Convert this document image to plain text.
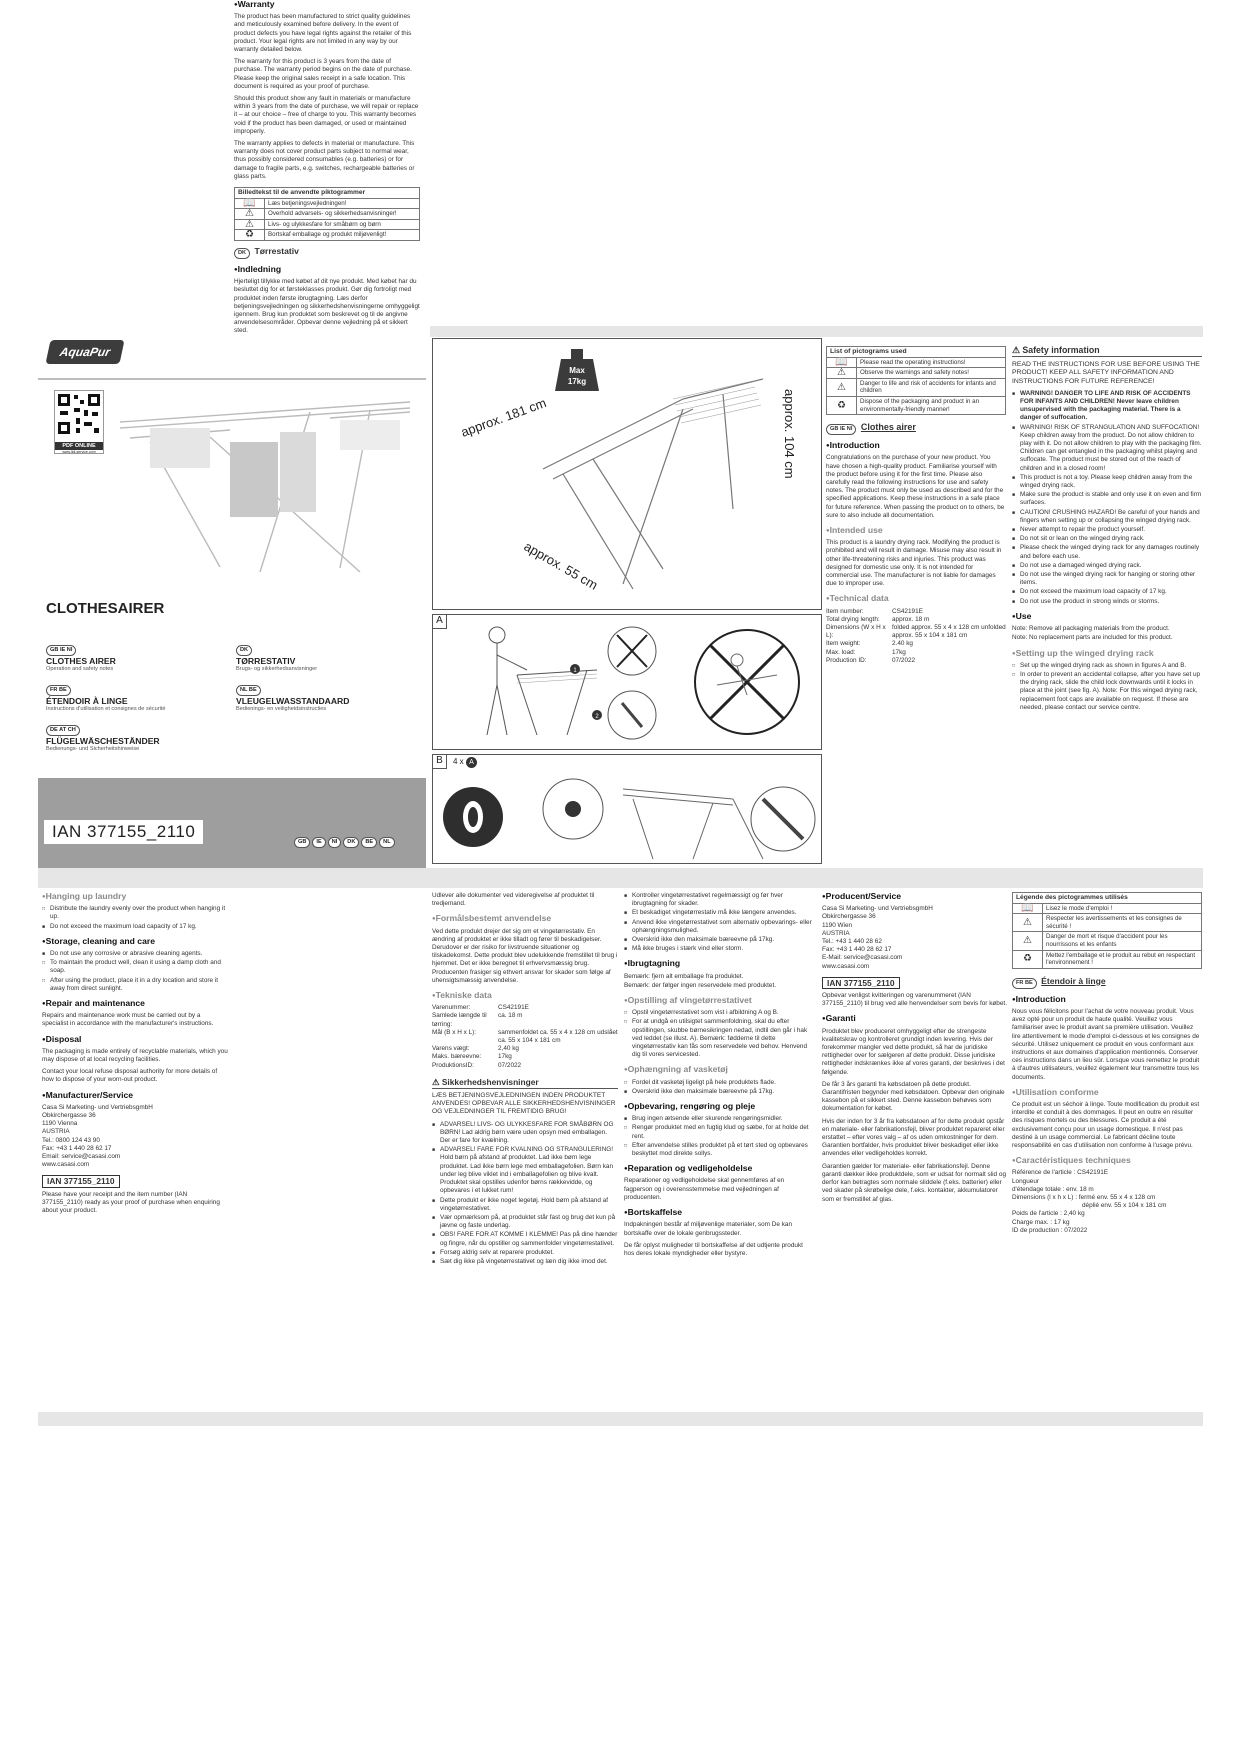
AquaPur
PDF ONLINE
www.lidl-service.com
CLOTHESAIRER
GB IE NI
CLOTHES AIRER
Operation and safety notes
DK
TØRRESTATIV
Brugs- og sikkerhedsanvisninger
FR BE
ÉTENDOIR À LINGE
Instructions d'utilisation et consignes de sécurité
NL BE
VLEUGELWASSTANDAARD
Bedienings- en veiligheidsinstructies
DE AT CH
FLÜGELWÄSCHESTÄNDER
Bedienungs- und Sicherheitshinweise
IAN 377155_2110
GB IE NI DK BE NL
Max
17kg
approx. 181 cm	approx. 104 cm
approx. 55 cm
A
1
2
B	4 x A
List of pictograms used	
📖	Please read the operating instructions!
⚠	Observe the warnings and safety notes!
⚠	Danger to life and risk of accidents for infants and children
♻	Dispose of the packaging and product in an environmentally-friendly manner!
GB IE NI Clothes airer
● Introduction

Congratulations on the purchase of your new product. You have chosen a high-quality product. Familiarise yourself with the product before using it for the first time. Please also carefully read the following instructions for use and safety notes. The product must only be used as described and for the specified applications. Keep these instructions in a safe place for future reference. When passing the product on to others, be sure to also include all documentation.

● Intended use

This product is a laundry drying rack. Modifying the product is prohibited and will result in damage. Misuse may also result in other life-threatening risks and injuries. This product was designed for domestic use only. It is not intended for commercial use. The manufacturer is not liable for damages due to improper use.

● Technical data
Item number:	CS42191E
Total drying length:	approx. 18 m
Dimensions (W x H x L):
folded approx. 55 x 4 x 128 cm unfolded approx. 55 x 104 x 181 cm
Item weight:	2.40 kg
Max. load:	17kg
Production ID:	07/2022
⚠ Safety information

READ THE INSTRUCTIONS FOR USE BEFORE USING THE PRODUCT! KEEP ALL SAFETY INFORMATION AND INSTRUCTIONS FOR FUTURE REFERENCE!

■ WARNING! DANGER TO LIFE AND RISK OF ACCIDENTS FOR INFANTS AND CHILDREN! Never leave children unsupervised with the packaging material. There is a danger of suffocation.
■ WARNING! RISK OF STRANGULATION AND SUFFOCATION! Keep children away from the product. Do not allow children to play with it. Do not allow children to play with the packaging film. Children can get entangled in the packaging whilst playing and suffocate. The product must be stored out of the reach of children and in a closed room!
■ This product is not a toy. Please keep children away from the winged drying rack.
■ Make sure the product is stable and only use it on even and firm surfaces.
■ CAUTION! CRUSHING HAZARD! Be careful of your hands and fingers when setting up or collapsing the winged drying rack.
■ Never attempt to repair the product yourself.
■ Do not sit or lean on the winged drying rack.
■ Please check the winged drying rack for any damages routinely and before each use.
■ Do not use a damaged winged drying rack.
■ Do not use the winged drying rack for hanging or storing other items.
■ Do not exceed the maximum load capacity of 17 kg.
■ Do not use the product in strong winds or storms.
● Use

Note: Remove all packaging materials from the product.

Note: No replacement parts are included for this product.

● Setting up the winged drying rack
□ Set up the winged drying rack as shown in figures A and B.
□ In order to prevent an accidental collapse, after you have set up the drying rack, slide the child lock downwards until it locks in place at the joint (see fig. A). Note: For this winged drying rack, replacement foot caps are available on request. If these are needed, please contact our service centre.
● Hanging up laundry
□ Distribute the laundry evenly over the product when hanging it up.
■ Do not exceed the maximum load capacity of 17 kg.
● Storage, cleaning and care
■ Do not use any corrosive or abrasive cleaning agents.
□ To maintain the product well, clean it using a damp cloth and soap.
□ After using the product, place it in a dry location and store it away from direct sunlight.
● Repair and maintenance

Repairs and maintenance work must be carried out by a specialist in accordance with the manufacturer's instructions.

● Disposal

The packaging is made entirely of recyclable materials, which you may dispose of at local recycling facilities.

Contact your local refuse disposal authority for more details of how to dispose of your worn-out product.

● Manufacturer/Service
Casa Si Marketing- und VertriebsgmbH
Obkirchergasse 36
1190 Vienna
AUSTRIA
Tel.: 0800 124 43 90
Fax: +43 1 440 28 62 17
Email: service@casasi.com
www.casasi.com
IAN 377155_2110

Please have your receipt and the item number (IAN 377155_2110) ready as your proof of purchase when enquiring about your product.

● Warranty

The product has been manufactured to strict quality guidelines and meticulously examined before delivery. In the event of product defects you have legal rights against the retailer of this product. Your legal rights are not limited in any way by our warranty detailed below.

The warranty for this product is 3 years from the date of purchase. The warranty period begins on the date of purchase. Please keep the original sales receipt in a safe location. This document is required as your proof of purchase.

Should this product show any fault in materials or manufacture within 3 years from the date of purchase, we will repair or replace it – at our choice – free of charge to you. This warranty becomes void if the product has been damaged, or used or maintained improperly.

The warranty applies to defects in material or manufacture. This warranty does not cover product parts subject to normal wear, thus possibly considered consumables (e.g. batteries) or for damage to fragile parts, e.g. switches, rechargeable batteries or glass parts.

Billedtekst til de anvendte piktogrammer	
📖	Læs betjeningsvejledningen!
⚠	Overhold advarsels- og sikkerhedsanvisninger!
⚠	Livs- og ulykkesfare for småbørn og børn
♻	Bortskaf emballage og produkt miljøvenligt!
DK Tørrestativ
● Indledning

Hjerteligt tillykke med købet af dit nye produkt. Med købet har du besluttet dig for et førsteklasses produkt. Gør dig fortroligt med produktet inden første ibrugtagning. Læs derfor betjeningsvejledningen og sikkerhedshenvisningerne omhyggeligt igennem. Brug kun produktet som beskrevet og til de angivne anvendelsesområder. Opbevar denne vejledning på et sikkert sted.

Udlever alle dokumenter ved videregivelse af produktet til tredjemand.

● Formålsbestemt anvendelse

Ved dette produkt drejer det sig om et vingetørrestativ. En ændring af produktet er ikke tilladt og fører til beskadigelser. Derudover er der risiko for livstruende situationer og tilskadekomst. Dette produkt blev udelukkende fremstillet til brug i hjemmet. Det er ikke beregnet til erhvervsmæssig brug. Producenten frasiger sig ethvert ansvar for skader som følge af uhensigtsmæssig anvendelse.

● Tekniske data
Varenummer:	CS42191E
Samlede længde til tørring:
ca. 18 m
Mål (B x H x L):	sammenfoldet ca. 55 x 4 x 128 cm udslået ca. 55 x 104 x 181 cm
Varens vægt:	2,40 kg
Maks. bæreevne:	17kg
ProduktionsID:	07/2022
⚠ Sikkerhedshenvisninger

LÆS BETJENINGSVEJLEDNINGEN INDEN PRODUKTET ANVENDES! OPBEVAR ALLE SIKKERHEDSHENVISNINGER OG VEJLEDNINGER TIL FREMTIDIG BRUG!

■ ADVARSEL! LIVS- OG ULYKKESFARE FOR SMÅBØRN OG BØRN! Lad aldrig børn være uden opsyn med emballagen. Der er fare for kvælning.
■ ADVARSEL! FARE FOR KVALNING OG STRANGULERING! Hold børn på afstand af produktet. Lad ikke børn lege produktet. Lad ikke børn lege med emballagefolien. Børn kan under leg blive viklet ind i emballagefolien og blive kvalt. Produktet skal opstilles udenfor børns rækkevidde, og opbevares i et lukket rum!
■ Dette produkt er ikke noget legetøj. Hold børn på afstand af vingetørrestativet.
■ Vær opmærksom på, at produktet står fast og brug det kun på jævne og faste underlag.
■ OBS! FARE FOR AT KOMME I KLEMME! Pas på dine hænder og fingre, når du opstiller og sammenfolder vingetørrestativet.
■ Forsøg aldrig selv at reparere produktet.
■ Sæt dig ikke på vingetørrestativet og læn dig ikke imod det.
■ Kontroller vingetørrestativet regelmæssigt og før hver ibrugtagning for skader.
■ Et beskadiget vingetørrestativ må ikke længere anvendes.
■ Anvend ikke vingetørrestativet som alternativ opbevarings- eller ophængningsmulighed.
■ Overskrid ikke den maksimale bæreevne på 17kg.
■ Må ikke bruges i stærk vind eller storm.
● Ibrugtagning

Bemærk: fjern alt emballage fra produktet.

Bemærk: der følger ingen reservedele med produktet.

● Opstilling af vingetørrestativet
□ Opstil vingetørrestativet som vist i afbildning A og B.
□ For at undgå en utilsigtet sammenfoldning, skal du efter opstillingen, skubbe børnesikringen nedad, indtil den går i hak ved leddet (se illust. A). Bemærk: fødderne til dette vingetørrestativ kan fås som reservedele ved behov. Henvend dig til vores servicested.
● Ophængning af vasketøj
□ Fordel dit vasketøj ligeligt på hele produktets flade.
■ Overskrid ikke den maksimale bæreevne på 17kg.
● Opbevaring, rengøring og pleje
■ Brug ingen ætsende eller skurende rengøringsmidler.
□ Rengør produktet med en fugtig klud og sæbe, for at holde det rent.
□ Efter anvendelse stilles produktet på et tørt sted og opbevares beskyttet mod direkte sollys.
● Reparation og vedligeholdelse

Reparationer og vedligeholdelse skal gennemføres af en fagperson og i overensstemmelse med vejledningen af producenten.

● Bortskaffelse

Indpakningen består af miljøvenlige materialer, som De kan bortskaffe over de lokale genbrugssteder.

De får oplyst muligheder til bortskaffelse af det udtjente produkt hos deres lokale myndigheder eller bystyre.

● Producent/Service
Casa Si Marketing- und VertriebsgmbH
Obkirchergasse 36
1190 Wien
AUSTRIA
Tel.: +43 1 440 28 62
Fax: +43 1 440 28 62 17
E-Mail: service@casasi.com
www.casasi.com
IAN 377155_2110

Opbevar venligst kvitteringen og varenummeret (IAN 377155_2110) til brug ved alle henvendelser som bevis for købet.

● Garanti

Produktet blev produceret omhyggeligt efter de strengeste kvalitetskrav og kontrolleret grundigt inden levering. Hvis der forekommer mangler ved dette produkt, så har de juridiske rettigheder over for sælgeren af dette produkt. Disse juridiske rettigheder indskrænkes ikke af vores garanti, der beskrives i det følgende.

De får 3 års garanti fra købsdatoen på dette produkt. Garantifristen begynder med købsdatoen. Opbevar den originale kassebon på et sikkert sted. Denne kassebon behøves som dokumentation for købet.

Hvis der inden for 3 år fra købsdatoen af for dette produkt opstår en materiale- eller fabrikationsfejl, bliver produktet repareret eller erstattet – efter vores valg – af os uden omkostninger for dem. Garantien bortfalder, hvis produktet bliver beskadiget eller ikke anvendes eller vedligeholdes korrekt.

Garantien gælder for materiale- eller fabrikationsfejl. Denne garanti dækker ikke produktdele, som er udsat for normalt slid og derfor kan betragtes som normale sliddele (f.eks. batterier) eller ved skader på skrøbelige dele, f.eks. kontakter, akkumulatorer som er fremstillet af glas.

Légende des pictogrammes utilisés	
📖	Lisez le mode d'emploi !
⚠	Respecter les avertissements et les consignes de sécurité !
⚠	Danger de mort et risque d'accident pour les nourrissons et les enfants
♻	Mettez l'emballage et le produit au rebut en respectant l'environnement !
FR BE Étendoir à linge
● Introduction

Nous vous félicitons pour l'achat de votre nouveau produit. Vous avez opté pour un produit de haute qualité. Veuillez vous familiariser avec le produit avant sa première utilisation. Veuillez lire attentivement le mode d'emploi ci-dessous et les consignes de sécurité. Utilisez uniquement ce produit en vous conformant aux instructions et aux domaines d'application mentionnés. Conserver ces instructions dans un lieu sûr. Lorsque vous remettez le produit à d'autres utilisateurs, veuillez également leur transmettre tous les documents.

● Utilisation conforme

Ce produit est un séchoir à linge. Toute modification du produit est interdite et conduit à des dommages. Il peut en outre en résulter des risques mortels ou des blessures. Ce produit a été exclusivement conçu pour un usage domestique. Il n'est pas destiné à un usage commercial. Le fabricant décline toute responsabilité en cas d'utilisation non conforme à l'usage prévu.

● Caractéristiques techniques
Référence de l'article : CS42191E
Longueur
d'étendage totale : env. 18 m
Dimensions (l x h x L) : fermé env. 55 x 4 x 128 cm
déplié env. 55 x 104 x 181 cm
Poids de l'article : 2,40 kg
Charge max. : 17 kg
ID de production : 07/2022
